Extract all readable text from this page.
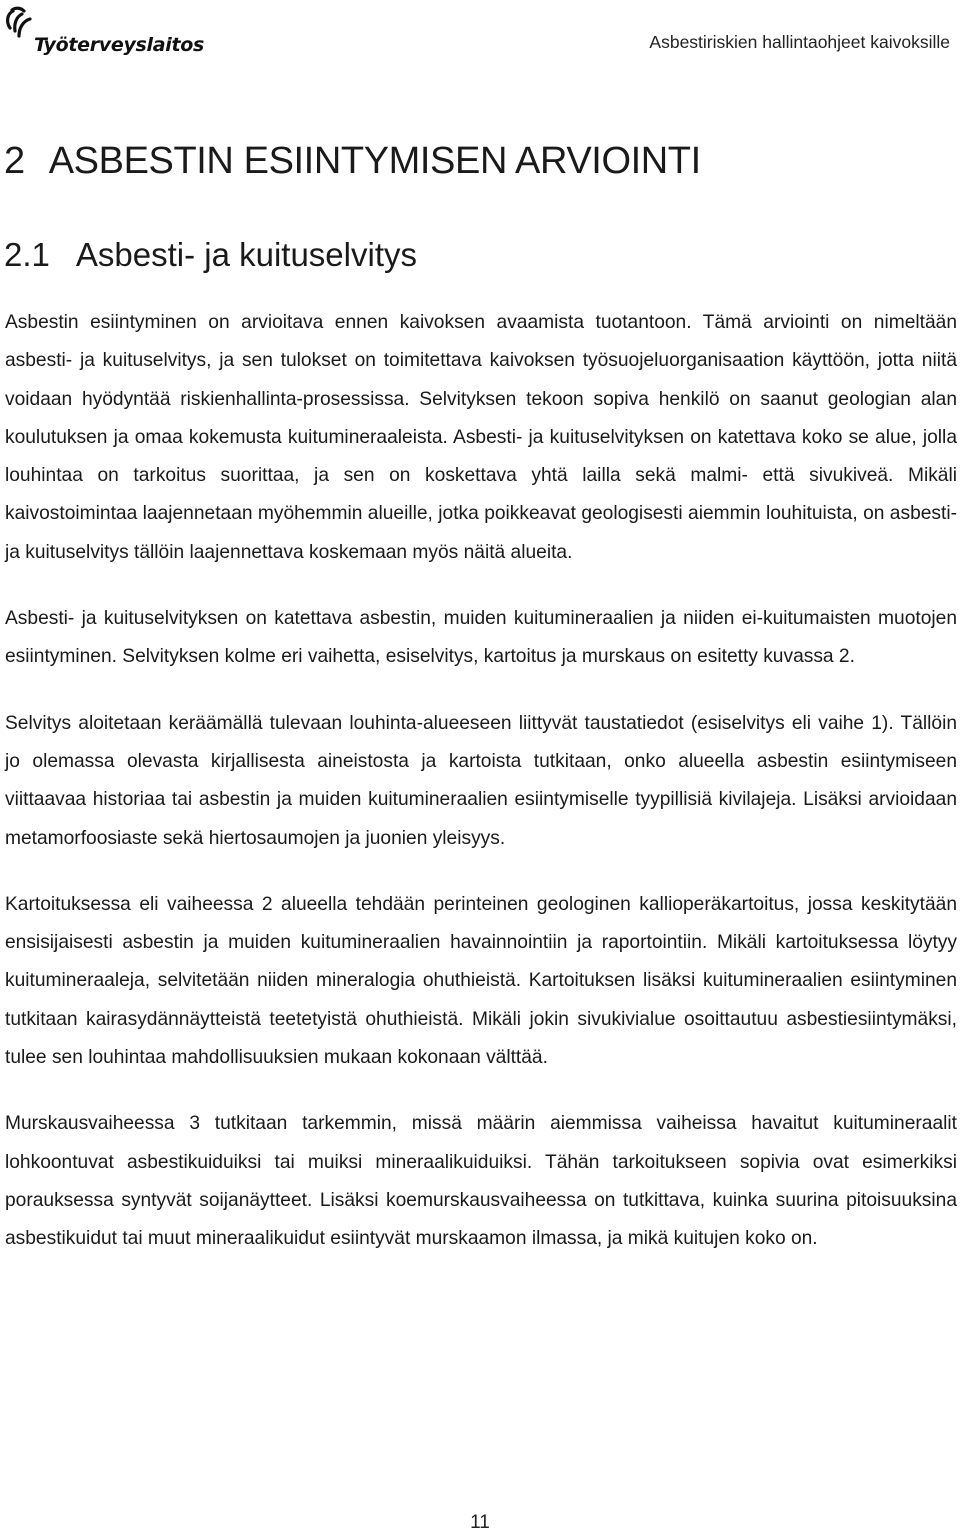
Työterveyslaitos	Asbestiriskien hallintaohjeet kaivoksille
2 ASBESTIN ESIINTYMISEN ARVIOINTI
2.1 Asbesti- ja kuituselvitys

Asbestin esiintyminen on arvioitava ennen kaivoksen avaamista tuotantoon. Tämä arviointi on nimeltään asbesti- ja kuituselvitys, ja sen tulokset on toimitettava kaivoksen työsuojeluorganisaation käyttöön, jotta niitä voidaan hyödyntää riskienhallinta-prosessissa. Selvityksen tekoon sopiva henkilö on saanut geologian alan koulutuksen ja omaa kokemusta kuitumineraaleista. Asbesti- ja kuituselvityksen on katettava koko se alue, jolla louhintaa on tarkoitus suorittaa, ja sen on koskettava yhtä lailla sekä malmi- että sivukiveä. Mikäli kaivostoimintaa laajennetaan myöhemmin alueille, jotka poikkeavat geologisesti aiemmin louhituista, on asbesti- ja kuituselvitys tällöin laajennettava koskemaan myös näitä alueita.

Asbesti- ja kuituselvityksen on katettava asbestin, muiden kuitumineraalien ja niiden ei-kuitumaisten muotojen esiintyminen. Selvityksen kolme eri vaihetta, esiselvitys, kartoitus ja murskaus on esitetty kuvassa 2.

Selvitys aloitetaan keräämällä tulevaan louhinta-alueeseen liittyvät taustatiedot (esiselvitys eli vaihe 1). Tällöin jo olemassa olevasta kirjallisesta aineistosta ja kartoista tutkitaan, onko alueella asbestin esiintymiseen viittaavaa historiaa tai asbestin ja muiden kuitumineraalien esiintymiselle tyypillisiä kivilajeja. Lisäksi arvioidaan metamorfoosiaste sekä hiertosaumojen ja juonien yleisyys.

Kartoituksessa eli vaiheessa 2 alueella tehdään perinteinen geologinen kallioperäkartoitus, jossa keskitytään ensisijaisesti asbestin ja muiden kuitumineraalien havainnointiin ja raportointiin. Mikäli kartoituksessa löytyy kuitumineraaleja, selvitetään niiden mineralogia ohuthieistä. Kartoituksen lisäksi kuitumineraalien esiintyminen tutkitaan kairasydännäytteistä teetetyistä ohuthieistä. Mikäli jokin sivukivialue osoittautuu asbestiesiintymäksi, tulee sen louhintaa mahdollisuuksien mukaan kokonaan välttää.

Murskausvaiheessa 3 tutkitaan tarkemmin, missä määrin aiemmissa vaiheissa havaitut kuitumineraalit lohkoontuvat asbestikuiduiksi tai muiksi mineraalikuiduiksi. Tähän tarkoitukseen sopivia ovat esimerkiksi porauksessa syntyvät soijanäytteet. Lisäksi koemurskausvaiheessa on tutkittava, kuinka suurina pitoisuuksina asbestikuidut tai muut mineraalikuidut esiintyvät murskaamon ilmassa, ja mikä kuitujen koko on.

11
